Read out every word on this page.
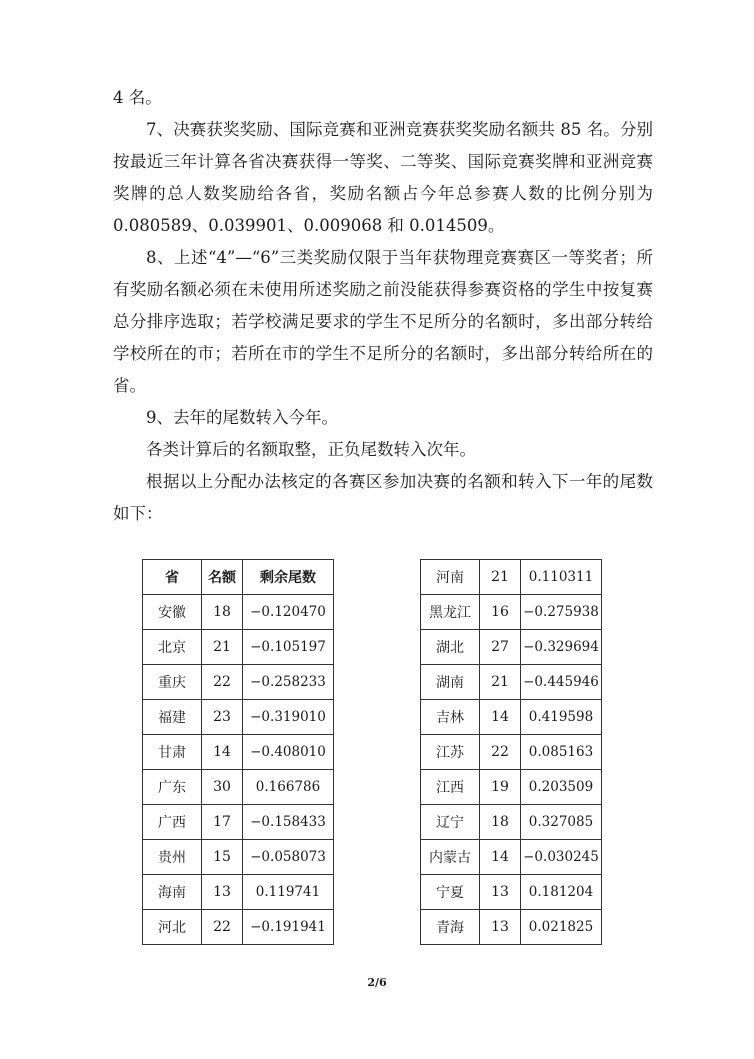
4 名。

7、决赛获奖奖励、国际竞赛和亚洲竞赛获奖奖励名额共 85 名。分别按最近三年计算各省决赛获得一等奖、二等奖、国际竞赛奖牌和亚洲竞赛奖牌的总人数奖励给各省，奖励名额占今年总参赛人数的比例分别为 0.080589、0.039901、0.009068 和 0.014509。

8、上述“4”—“6”三类奖励仅限于当年获物理竞赛赛区一等奖者；所有奖励名额必须在未使用所述奖励之前没能获得参赛资格的学生中按复赛总分排序选取；若学校满足要求的学生不足所分的名额时，多出部分转给学校所在的市；若所在市的学生不足所分的名额时，多出部分转给所在的省。

9、去年的尾数转入今年。

各类计算后的名额取整，正负尾数转入次年。

根据以上分配办法核定的各赛区参加决赛的名额和转入下一年的尾数如下：

省	名额	剩余尾数
安徽	18	−0.120470
北京	21	−0.105197
重庆	22	−0.258233
福建	23	−0.319010
甘肃	14	−0.408010
广东	30	0.166786
广西	17	−0.158433
贵州	15	−0.058073
海南	13	0.119741
河北	22	−0.191941
河南	21	0.110311
黑龙江	16	−0.275938
湖北	27	−0.329694
湖南	21	−0.445946
吉林	14	0.419598
江苏	22	0.085163
江西	19	0.203509
辽宁	18	0.327085
内蒙古	14	−0.030245
宁夏	13	0.181204
青海	13	0.021825
2/6
